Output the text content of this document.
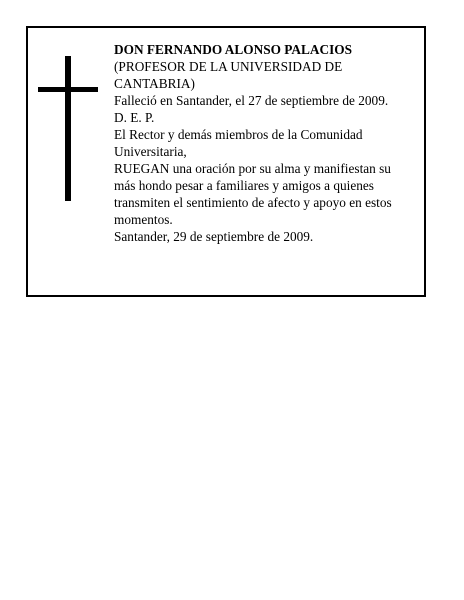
DON FERNANDO ALONSO PALACIOS

(PROFESOR DE LA UNIVERSIDAD DE CANTABRIA)

Falleció en Santander, el 27 de septiembre de 2009.

D. E. P.

El Rector y demás miembros de la Comunidad Universitaria,

RUEGAN una oración por su alma y manifiestan su más hondo pesar a familiares y amigos a quienes transmiten el sentimiento de afecto y apoyo en estos momentos.

Santander, 29 de septiembre de 2009.
